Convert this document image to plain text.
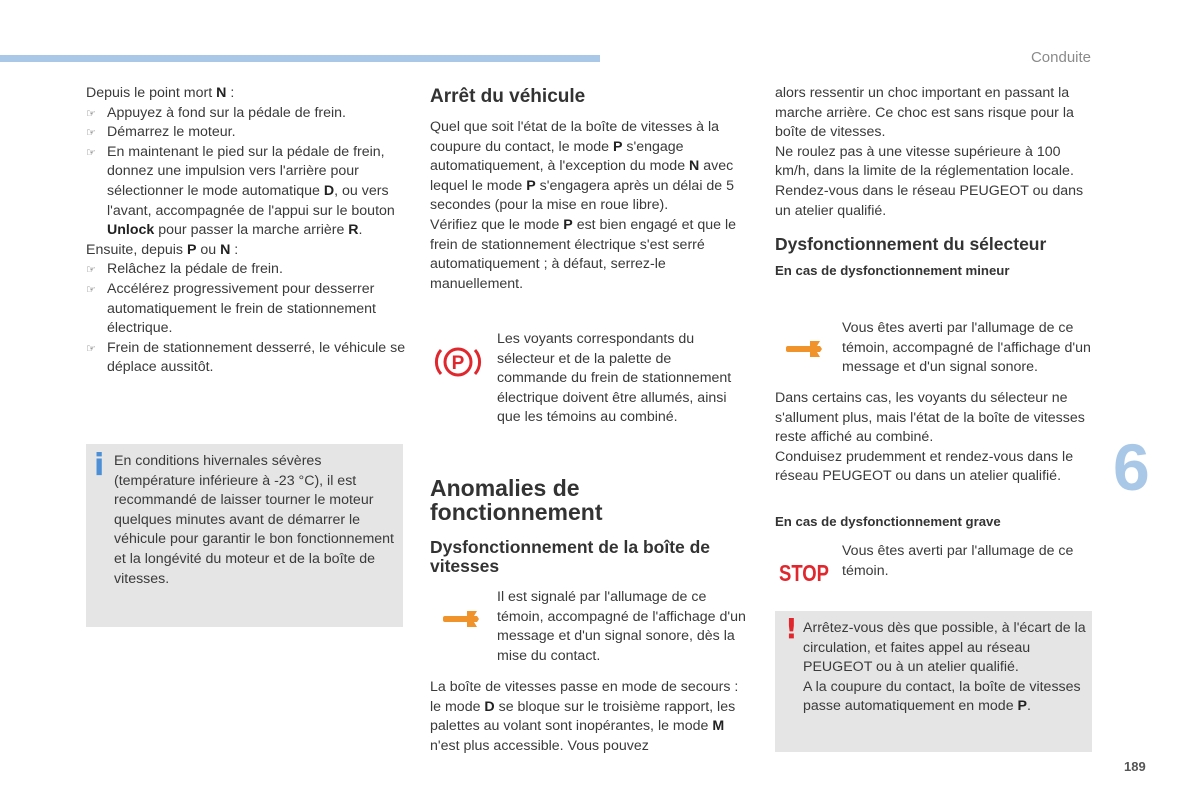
Conduite
6
189

Depuis le point mort N :

☞ Appuyez à fond sur la pédale de frein.

☞ Démarrez le moteur.

☞ En maintenant le pied sur la pédale de frein, donnez une impulsion vers l'arrière pour sélectionner le mode automatique D, ou vers l'avant, accompagnée de l'appui sur le bouton Unlock pour passer la marche arrière R.

Ensuite, depuis P ou N :

☞ Relâchez la pédale de frein.

☞ Accélérez progressivement pour desserrer automatiquement le frein de stationnement électrique.

☞ Frein de stationnement desserré, le véhicule se déplace aussitôt.

i En conditions hivernales sévères (température inférieure à -23 °C), il est recommandé de laisser tourner le moteur quelques minutes avant de démarrer le véhicule pour garantir le bon fonctionnement et la longévité du moteur et de la boîte de vitesses.

Arrêt du véhicule

Quel que soit l'état de la boîte de vitesses à la coupure du contact, le mode P s'engage automatiquement, à l'exception du mode N avec lequel le mode P s'engagera après un délai de 5 secondes (pour la mise en roue libre).

Vérifiez que le mode P est bien engagé et que le frein de stationnement électrique s'est serré automatiquement ; à défaut, serrez-le manuellement.

P

Les voyants correspondants du sélecteur et de la palette de commande du frein de stationnement électrique doivent être allumés, ainsi que les témoins au combiné.

Anomalies de fonctionnement
Dysfonctionnement de la boîte de vitesses

Il est signalé par l'allumage de ce témoin, accompagné de l'affichage d'un message et d'un signal sonore, dès la mise du contact.

La boîte de vitesses passe en mode de secours : le mode D se bloque sur le troisième rapport, les palettes au volant sont inopérantes, le mode M n'est plus accessible. Vous pouvez

alors ressentir un choc important en passant la marche arrière. Ce choc est sans risque pour la boîte de vitesses.

Ne roulez pas à une vitesse supérieure à 100 km/h, dans la limite de la réglementation locale.

Rendez-vous dans le réseau PEUGEOT ou dans un atelier qualifié.

Dysfonctionnement du sélecteur

En cas de dysfonctionnement mineur

Vous êtes averti par l'allumage de ce témoin, accompagné de l'affichage d'un message et d'un signal sonore.

Dans certains cas, les voyants du sélecteur ne s'allument plus, mais l'état de la boîte de vitesses reste affiché au combiné.

Conduisez prudemment et rendez-vous dans le réseau PEUGEOT ou dans un atelier qualifié.

En cas de dysfonctionnement grave

STOP

Vous êtes averti par l'allumage de ce témoin.

! Arrêtez-vous dès que possible, à l'écart de la circulation, et faites appel au réseau PEUGEOT ou à un atelier qualifié.

A la coupure du contact, la boîte de vitesses passe automatiquement en mode P.
